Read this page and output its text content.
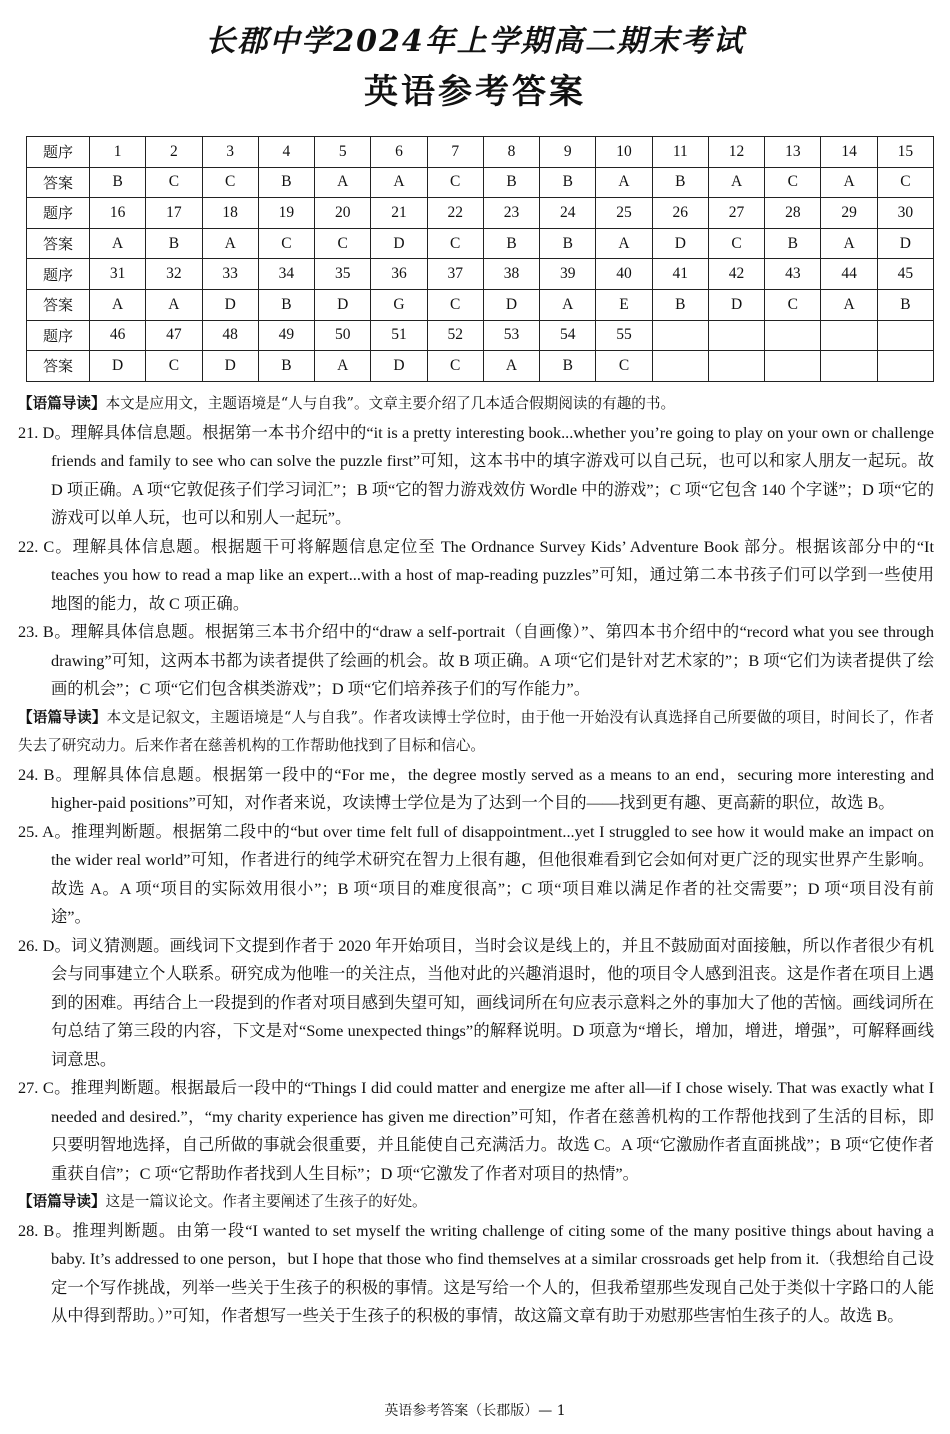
长郡中学2024年上学期高二期末考试
英语参考答案
题序	1	2	3	4	5	6	7	8	9	10	11	12	13	14	15
答案	B	C	C	B	A	A	C	B	B	A	B	A	C	A	C
题序	16	17	18	19	20	21	22	23	24	25	26	27	28	29	30
答案	A	B	A	C	C	D	C	B	B	A	D	C	B	A	D
题序	31	32	33	34	35	36	37	38	39	40	41	42	43	44	45
答案	A	A	D	B	D	G	C	D	A	E	B	D	C	A	B
题序	46	47	48	49	50	51	52	53	54	55					
答案	D	C	D	B	A	D	C	A	B	C					

【语篇导读】本文是应用文，主题语境是“人与自我”。文章主要介绍了几本适合假期阅读的有趣的书。

21. D。理解具体信息题。根据第一本书介绍中的“it is a pretty interesting book...whether you’re going to play on your own or challenge friends and family to see who can solve the puzzle first”可知，这本书中的填字游戏可以自己玩，也可以和家人朋友一起玩。故 D 项正确。A 项“它敦促孩子们学习词汇”；B 项“它的智力游戏效仿 Wordle 中的游戏”；C 项“它包含 140 个字谜”；D 项“它的游戏可以单人玩，也可以和别人一起玩”。

22. C。理解具体信息题。根据题干可将解题信息定位至 The Ordnance Survey Kids’ Adventure Book 部分。根据该部分中的“It teaches you how to read a map like an expert...with a host of map-reading puzzles”可知，通过第二本书孩子们可以学到一些使用地图的能力，故 C 项正确。

23. B。理解具体信息题。根据第三本书介绍中的“draw a self-portrait（自画像）”、第四本书介绍中的“record what you see through drawing”可知，这两本书都为读者提供了绘画的机会。故 B 项正确。A 项“它们是针对艺术家的”；B 项“它们为读者提供了绘画的机会”；C 项“它们包含棋类游戏”；D 项“它们培养孩子们的写作能力”。

【语篇导读】本文是记叙文，主题语境是“人与自我”。作者攻读博士学位时，由于他一开始没有认真选择自己所要做的项目，时间长了，作者失去了研究动力。后来作者在慈善机构的工作帮助他找到了目标和信心。

24. B。理解具体信息题。根据第一段中的“For me，the degree mostly served as a means to an end，securing more interesting and higher-paid positions”可知，对作者来说，攻读博士学位是为了达到一个目的——找到更有趣、更高薪的职位，故选 B。

25. A。推理判断题。根据第二段中的“but over time felt full of disappointment...yet I struggled to see how it would make an impact on the wider real world”可知，作者进行的纯学术研究在智力上很有趣，但他很难看到它会如何对更广泛的现实世界产生影响。故选 A。A 项“项目的实际效用很小”；B 项“项目的难度很高”；C 项“项目难以满足作者的社交需要”；D 项“项目没有前途”。

26. D。词义猜测题。画线词下文提到作者于 2020 年开始项目，当时会议是线上的，并且不鼓励面对面接触，所以作者很少有机会与同事建立个人联系。研究成为他唯一的关注点，当他对此的兴趣消退时，他的项目令人感到沮丧。这是作者在项目上遇到的困难。再结合上一段提到的作者对项目感到失望可知，画线词所在句应表示意料之外的事加大了他的苦恼。画线词所在句总结了第三段的内容，下文是对“Some unexpected things”的解释说明。D 项意为“增长，增加，增进，增强”，可解释画线词意思。

27. C。推理判断题。根据最后一段中的“Things I did could matter and energize me after all—if I chose wisely. That was exactly what I needed and desired.”，“my charity experience has given me direction”可知，作者在慈善机构的工作帮他找到了生活的目标，即只要明智地选择，自己所做的事就会很重要，并且能使自己充满活力。故选 C。A 项“它激励作者直面挑战”；B 项“它使作者重获自信”；C 项“它帮助作者找到人生目标”；D 项“它激发了作者对项目的热情”。

【语篇导读】这是一篇议论文。作者主要阐述了生孩子的好处。

28. B。推理判断题。由第一段“I wanted to set myself the writing challenge of citing some of the many positive things about having a baby. It’s addressed to one person，but I hope that those who find themselves at a similar crossroads get help from it.（我想给自己设定一个写作挑战，列举一些关于生孩子的积极的事情。这是写给一个人的，但我希望那些发现自己处于类似十字路口的人能从中得到帮助。）”可知，作者想写一些关于生孩子的积极的事情，故这篇文章有助于劝慰那些害怕生孩子的人。故选 B。

英语参考答案（长郡版）— 1
